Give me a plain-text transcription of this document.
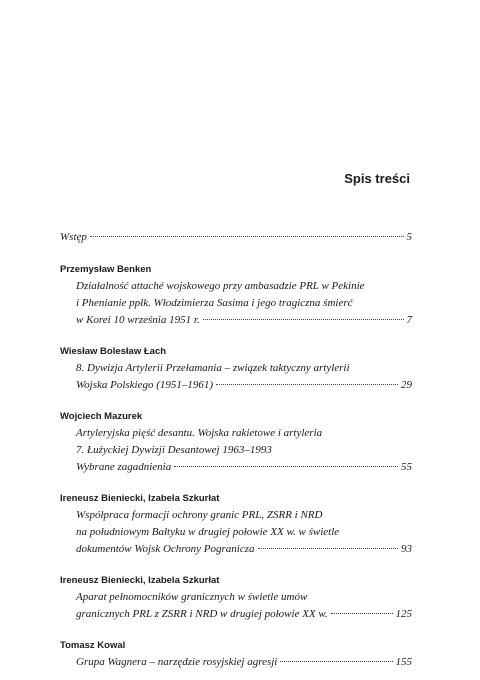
Spis treści

Wstęp	5

Przemysław Benken

Działalność attaché wojskowego przy ambasadzie PRL w Pekinie

i Phenianie ppłk. Włodzimierza Sasima i jego tragiczna śmierć

w Korei 10 września 1951 r.	7

Wiesław Bolesław Łach

8. Dywizja Artylerii Przełamania – związek taktyczny artylerii

Wojska Polskiego (1951–1961)	29

Wojciech Mazurek

Artyleryjska pięść desantu. Wojska rakietowe i artyleria

7. Łużyckiej Dywizji Desantowej 1963–1993

Wybrane zagadnienia	55

Ireneusz Bieniecki, Izabela Szkurłat

Współpraca formacji ochrony granic PRL, ZSRR i NRD

na południowym Bałtyku w drugiej połowie XX w. w świetle

dokumentów Wojsk Ochrony Pogranicza	93

Ireneusz Bieniecki, Izabela Szkurłat

Aparat pełnomocników granicznych w świetle umów

granicznych PRL z ZSRR i NRD w drugiej połowie XX w.	125

Tomasz Kowal

Grupa Wagnera – narzędzie rosyjskiej agresji	155
